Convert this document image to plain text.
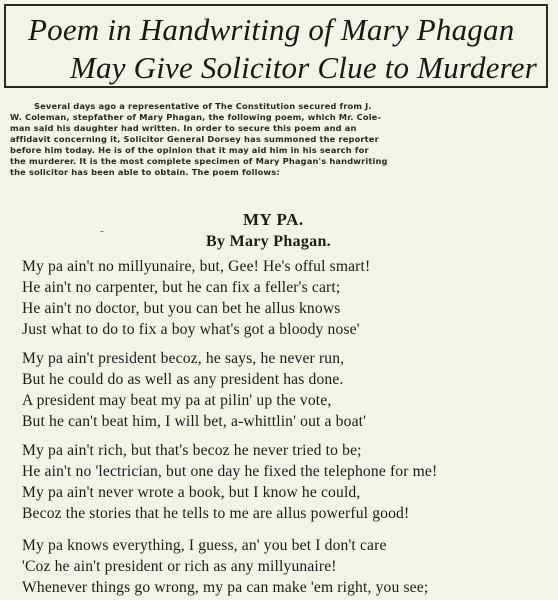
Poem in Handwriting of Mary Phagan
May Give Solicitor Clue to Murderer
Several days ago a representative of The Constitution secured from J.
W. Coleman, stepfather of Mary Phagan, the following poem, which Mr. Cole-
man said his daughter had written. In order to secure this poem and an
affidavit concerning it, Solicitor General Dorsey has summoned the reporter
before him today. He is of the opinion that it may aid him in his search for
the murderer. It is the most complete specimen of Mary Phagan's handwriting
the solicitor has been able to obtain. The poem follows:
MY PA.
˜	By Mary Phagan.
My pa ain't no millyunaire, but, Gee! He's offul smart!
He ain't no carpenter, but he can fix a feller's cart;
He ain't no doctor, but you can bet he allus knows
Just what to do to fix a boy what's got a bloody nose'
My pa ain't president becoz, he says, he never run,
But he could do as well as any president has done.
A president may beat my pa at pilin' up the vote,
But he can't beat him, I will bet, a-whittlin' out a boat'
My pa ain't rich, but that's becoz he never tried to be;
He ain't no 'lectrician, but one day he fixed the telephone for me!
My pa ain't never wrote a book, but I know he could,
Becoz the stories that he tells to me are allus powerful good!
My pa knows everything, I guess, an' you bet I don't care
'Coz he ain't president or rich as any millyunaire!
Whenever things go wrong, my pa can make 'em right, you see;
